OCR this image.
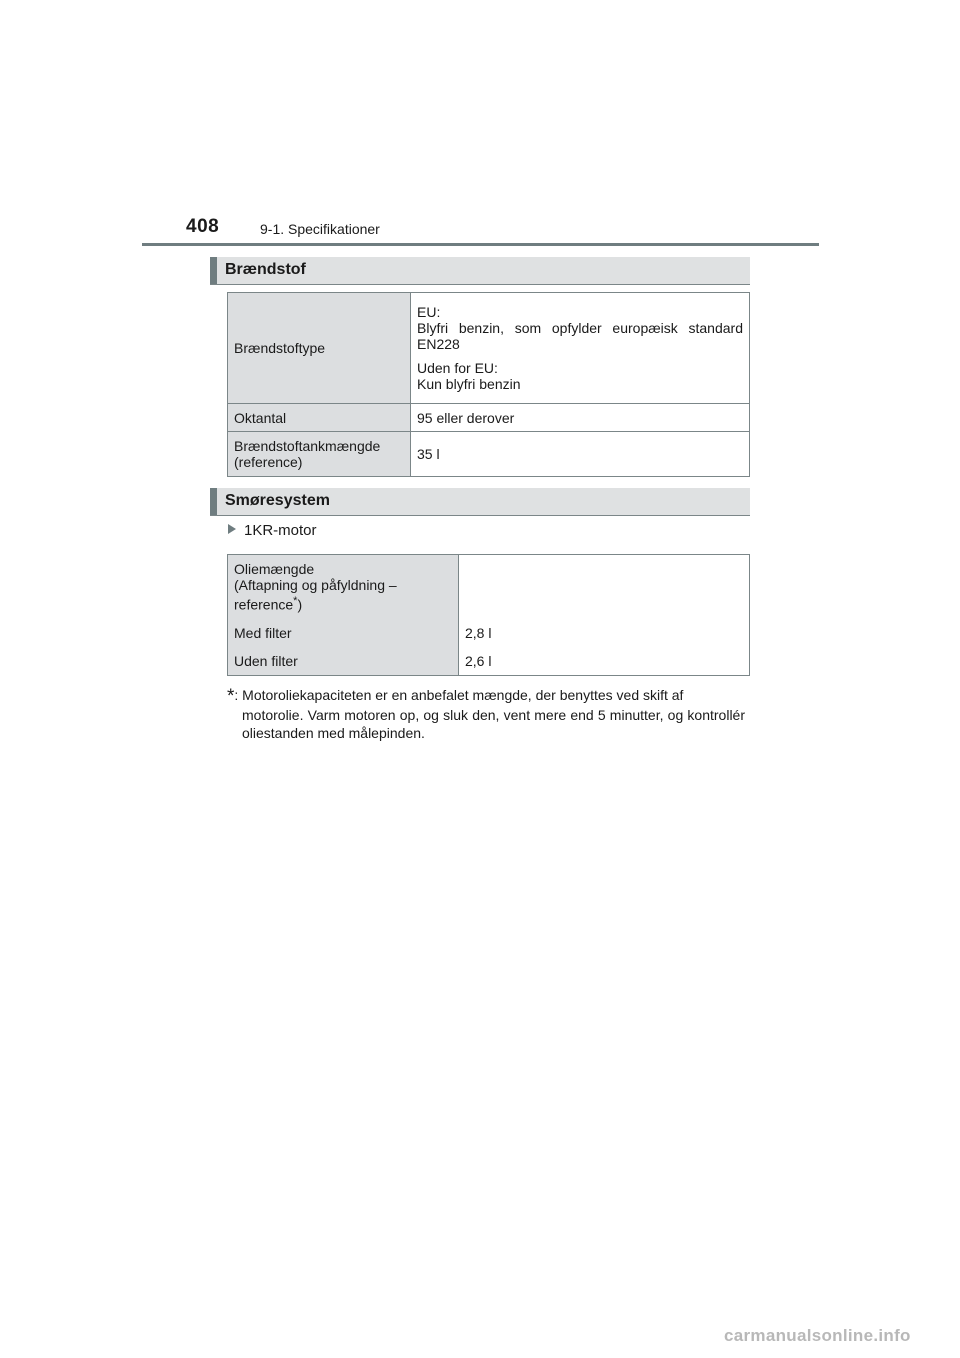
408	9-1. Specifikationer
Brændstof
Brændstoftype	EU:
Blyfri benzin, som opfylder europæisk standard EN228
Uden for EU:
Kun blyfri benzin

Oktantal	95 eller derover

Brændstoftankmængde
(reference)	35 l
Smøresystem
1KR-motor
Oliemængde
(Aftapning og påfyldning –
reference*)	

Med filter	2,8 l
Uden filter	2,6 l
*: Motoroliekapaciteten er en anbefalet mængde, der benyttes ved skift af
motorolie. Varm motoren op, og sluk den, vent mere end 5 minutter, og kontrollér oliestanden med målepinden.
carmanualsonline.info
